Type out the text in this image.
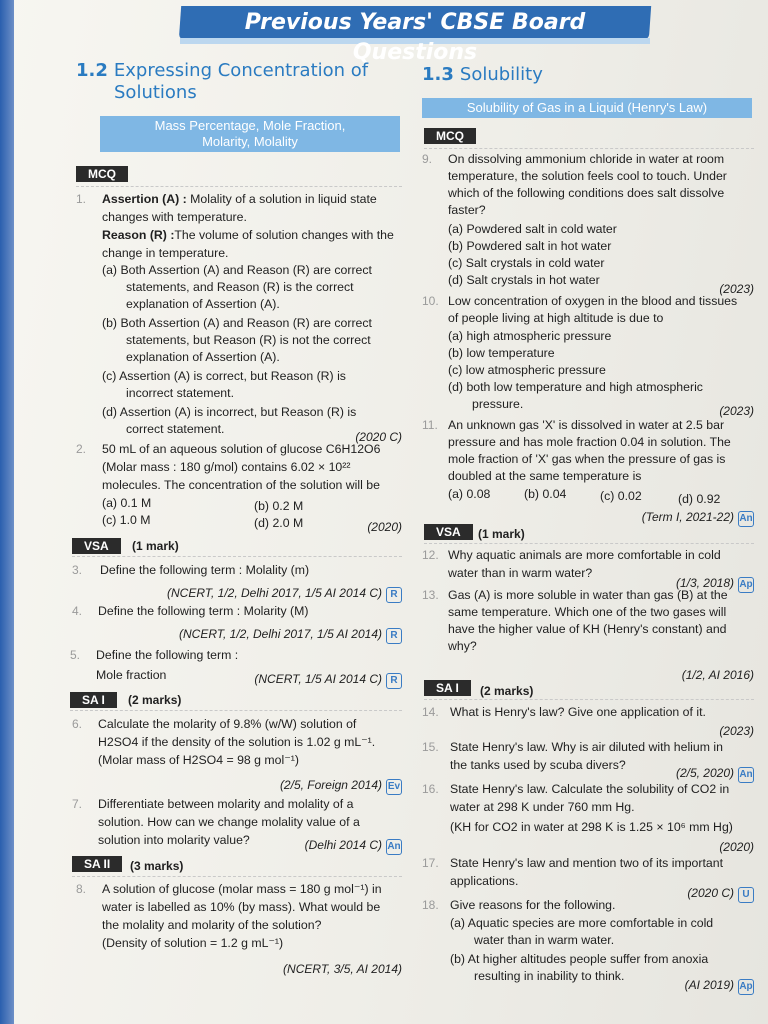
Previous Years' CBSE Board Questions
1.2 Expressing Concentration of
Solutions
Mass Percentage, Mole Fraction,
Molarity, Molality
MCQ
1. Assertion (A) : Molality of a solution in liquid state
changes with temperature.
Reason (R) :The volume of solution changes with the
change in temperature.
(a) Both Assertion (A) and Reason (R) are correct
statements, and Reason (R) is the correct
explanation of Assertion (A).
(b) Both Assertion (A) and Reason (R) are correct
statements, but Reason (R) is not the correct
explanation of Assertion (A).
(c) Assertion (A) is correct, but Reason (R) is
incorrect statement.
(d) Assertion (A) is incorrect, but Reason (R) is
correct statement.
(2020 C)
2. 50 mL of an aqueous solution of glucose C6H12O6
(Molar mass : 180 g/mol) contains 6.02 × 10²²
molecules. The concentration of the solution will be
(a) 0.1 M	(b) 0.2 M
(c) 1.0 M	(d) 2.0 M	(2020)
VSA	(1 mark)
3. Define the following term : Molality (m)
(NCERT, 1/2, Delhi 2017, 1/5 AI 2014 C) R
4. Define the following term : Molarity (M)
(NCERT, 1/2, Delhi 2017, 1/5 AI 2014) R
5. Define the following term :
Mole fraction	(NCERT, 1/5 AI 2014 C) R
SA I	(2 marks)
6. Calculate the molarity of 9.8% (w/W) solution of
H2SO4 if the density of the solution is 1.02 g mL⁻¹.
(Molar mass of H2SO4 = 98 g mol⁻¹)
(2/5, Foreign 2014) Ev
7. Differentiate between molarity and molality of a
solution. How can we change molality value of a
solution into molarity value?	(Delhi 2014 C) An
SA II	(3 marks)
8. A solution of glucose (molar mass = 180 g mol⁻¹) in
water is labelled as 10% (by mass). What would be
the molality and molarity of the solution?
(Density of solution = 1.2 g mL⁻¹)
(NCERT, 3/5, AI 2014)
1.3 Solubility
Solubility of Gas in a Liquid (Henry's Law)
MCQ
9. On dissolving ammonium chloride in water at room
temperature, the solution feels cool to touch. Under
which of the following conditions does salt dissolve
faster?
(a) Powdered salt in cold water
(b) Powdered salt in hot water
(c) Salt crystals in cold water
(d) Salt crystals in hot water
(2023)
10. Low concentration of oxygen in the blood and tissues
of people living at high altitude is due to
(a) high atmospheric pressure
(b) low temperature
(c) low atmospheric pressure
(d) both low temperature and high atmospheric
pressure.	(2023)
11. An unknown gas 'X' is dissolved in water at 2.5 bar
pressure and has mole fraction 0.04 in solution. The
mole fraction of 'X' gas when the pressure of gas is
doubled at the same temperature is
(a) 0.08	(b) 0.04	(c) 0.02	(d) 0.92
(Term I, 2021-22) An
VSA	(1 mark)
12. Why aquatic animals are more comfortable in cold
water than in warm water?
(1/3, 2018) Ap
13. Gas (A) is more soluble in water than gas (B) at the
same temperature. Which one of the two gases will
have the higher value of KH (Henry's constant) and
why?
(1/2, AI 2016)
SA I	(2 marks)
14. What is Henry's law? Give one application of it.
(2023)
15. State Henry's law. Why is air diluted with helium in
the tanks used by scuba divers?
(2/5, 2020) An
16. State Henry's law. Calculate the solubility of CO2 in
water at 298 K under 760 mm Hg.
(KH for CO2 in water at 298 K is 1.25 × 10⁶ mm Hg)
(2020)
17. State Henry's law and mention two of its important
applications.
(2020 C) U
18. Give reasons for the following.
(a) Aquatic species are more comfortable in cold
water than in warm water.
(b) At higher altitudes people suffer from anoxia
resulting in inability to think.
(AI 2019) Ap
